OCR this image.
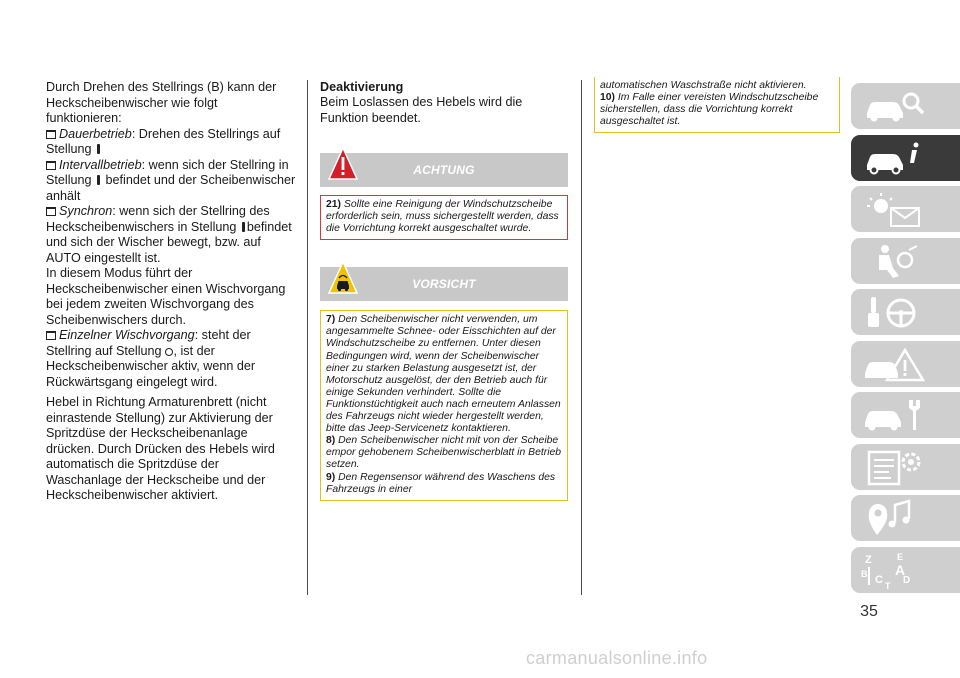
Durch Drehen des Stellrings (B) kann der Heckscheibenwischer wie folgt funktionieren:
Dauerbetrieb: Drehen des Stellrings auf Stellung
Intervallbetrieb: wenn sich der Stellring in Stellung befindet und der Scheibenwischer anhält
Synchron: wenn sich der Stellring des Heckscheibenwischers in Stellung befindet und sich der Wischer bewegt, bzw. auf AUTO eingestellt ist.
In diesem Modus führt der Heckscheibenwischer einen Wischvorgang bei jedem zweiten Wischvorgang des Scheibenwischers durch.
Einzelner Wischvorgang: steht der Stellring auf Stellung , ist der Heckscheibenwischer aktiv, wenn der Rückwärtsgang eingelegt wird.
Hebel in Richtung Armaturenbrett (nicht einrastende Stellung) zur Aktivierung der Spritzdüse der Heckscheibenanlage drücken. Durch Drücken des Hebels wird automatisch die Spritzdüse der Waschanlage der Heckscheibe und der Heckscheibenwischer aktiviert.
Deaktivierung
Beim Loslassen des Hebels wird die Funktion beendet.
ACHTUNG
21) Sollte eine Reinigung der Windschutzscheibe erforderlich sein, muss sichergestellt werden, dass die Vorrichtung korrekt ausgeschaltet wurde.
VORSICHT
7) Den Scheibenwischer nicht verwenden, um angesammelte Schnee- oder Eisschichten auf der Windschutzscheibe zu entfernen. Unter diesen Bedingungen wird, wenn der Scheibenwischer einer zu starken Belastung ausgesetzt ist, der Motorschutz ausgelöst, der den Betrieb auch für einige Sekunden verhindert. Sollte die Funktionstüchtigkeit auch nach erneutem Anlassen des Fahrzeugs nicht wieder hergestellt werden, bitte das Jeep-Servicenetz kontaktieren.
8) Den Scheibenwischer nicht mit von der Scheibe empor gehobenem Scheibenwischerblatt in Betrieb setzen.
9) Den Regensensor während des Waschens des Fahrzeugs in einer
automatischen Waschstraße nicht aktivieren.
10) Im Falle einer vereisten Windschutzscheibe sicherstellen, dass die Vorrichtung korrekt ausgeschaltet ist.
Z	E
B A
C D
T
35
carmanualsonline.info
